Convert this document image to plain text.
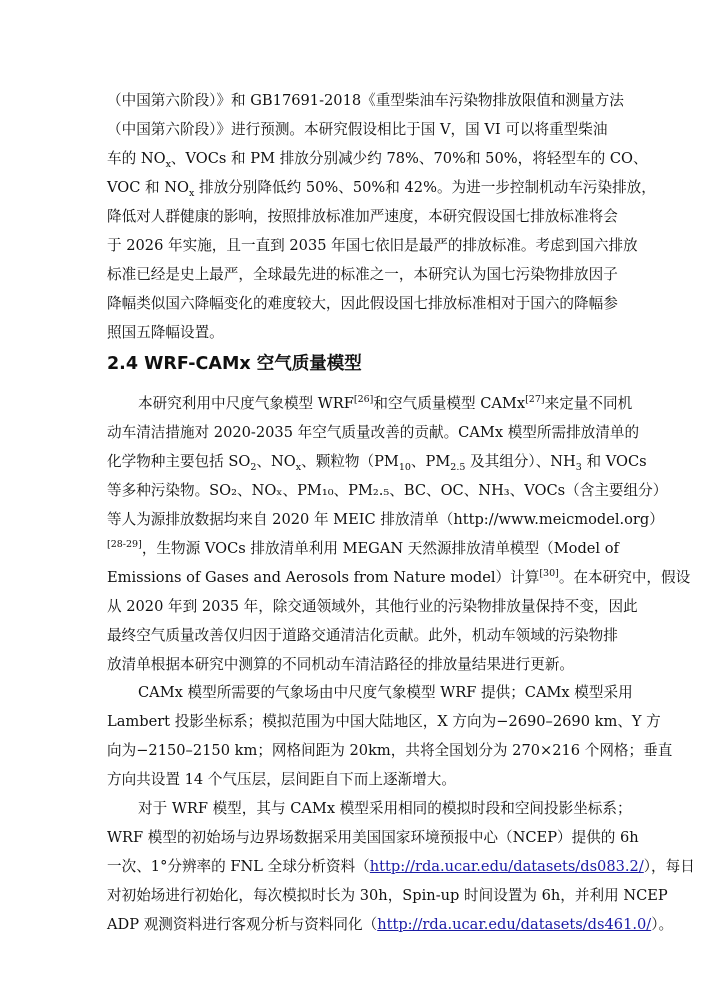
（中国第六阶段）》和 GB17691-2018《重型柴油车污染物排放限值和测量方法
（中国第六阶段）》进行预测。本研究假设相比于国 V，国 VI 可以将重型柴油
车的 $NO_x$、VOCs 和 PM 排放分别减少约 78%、70%和 50%，将轻型车的 CO、
VOC 和 $NO_x$ 排放分别降低约 50%、50%和 42%。为进一步控制机动车污染排放，
降低对人群健康的影响，按照排放标准加严速度，本研究假设国七排放标准将会
于 2026 年实施，且一直到 2035 年国七依旧是最严的排放标准。考虑到国六排放
标准已经是史上最严，全球最先进的标准之一，本研究认为国七污染物排放因子
降幅类似国六降幅变化的难度较大，因此假设国七排放标准相对于国六的降幅参
照国五降幅设置。
2.4 WRF-CAMx 空气质量模型
本研究利用中尺度气象模型 WRF[26]和空气质量模型 CAMx[27]来定量不同机
动车清洁措施对 2020-2035 年空气质量改善的贡献。CAMx 模型所需排放清单的
化学物种主要包括 $SO_2$、$NO_x$、颗粒物（$PM_{10}$、$PM_{2.5}$ 及其组分）、$NH_3$ 和 VOCs
等多种污染物。SO₂、NOₓ、PM₁₀、PM₂.₅、BC、OC、NH₃、VOCs（含主要组分）
等人为源排放数据均来自 2020 年 MEIC 排放清单（http://www.meicmodel.org）
[28-29]，生物源 VOCs 排放清单利用 MEGAN 天然源排放清单模型（Model of
Emissions of Gases and Aerosols from Nature model）计算[30]。在本研究中，假设
从 2020 年到 2035 年，除交通领域外，其他行业的污染物排放量保持不变，因此
最终空气质量改善仅归因于道路交通清洁化贡献。此外，机动车领域的污染物排
放清单根据本研究中测算的不同机动车清洁路径的排放量结果进行更新。
CAMx 模型所需要的气象场由中尺度气象模型 WRF 提供；CAMx 模型采用
Lambert 投影坐标系；模拟范围为中国大陆地区，X 方向为−2690–2690 km、Y 方
向为−2150–2150 km；网格间距为 20km，共将全国划分为 270×216 个网格；垂直
方向共设置 14 个气压层，层间距自下而上逐渐增大。
对于 WRF 模型，其与 CAMx 模型采用相同的模拟时段和空间投影坐标系；
WRF 模型的初始场与边界场数据采用美国国家环境预报中心（NCEP）提供的 6h
一次、1°分辨率的 FNL 全球分析资料（http://rda.ucar.edu/datasets/ds083.2/），每日
对初始场进行初始化，每次模拟时长为 30h，Spin-up 时间设置为 6h，并利用 NCEP
ADP 观测资料进行客观分析与资料同化（http://rda.ucar.edu/datasets/ds461.0/）。
